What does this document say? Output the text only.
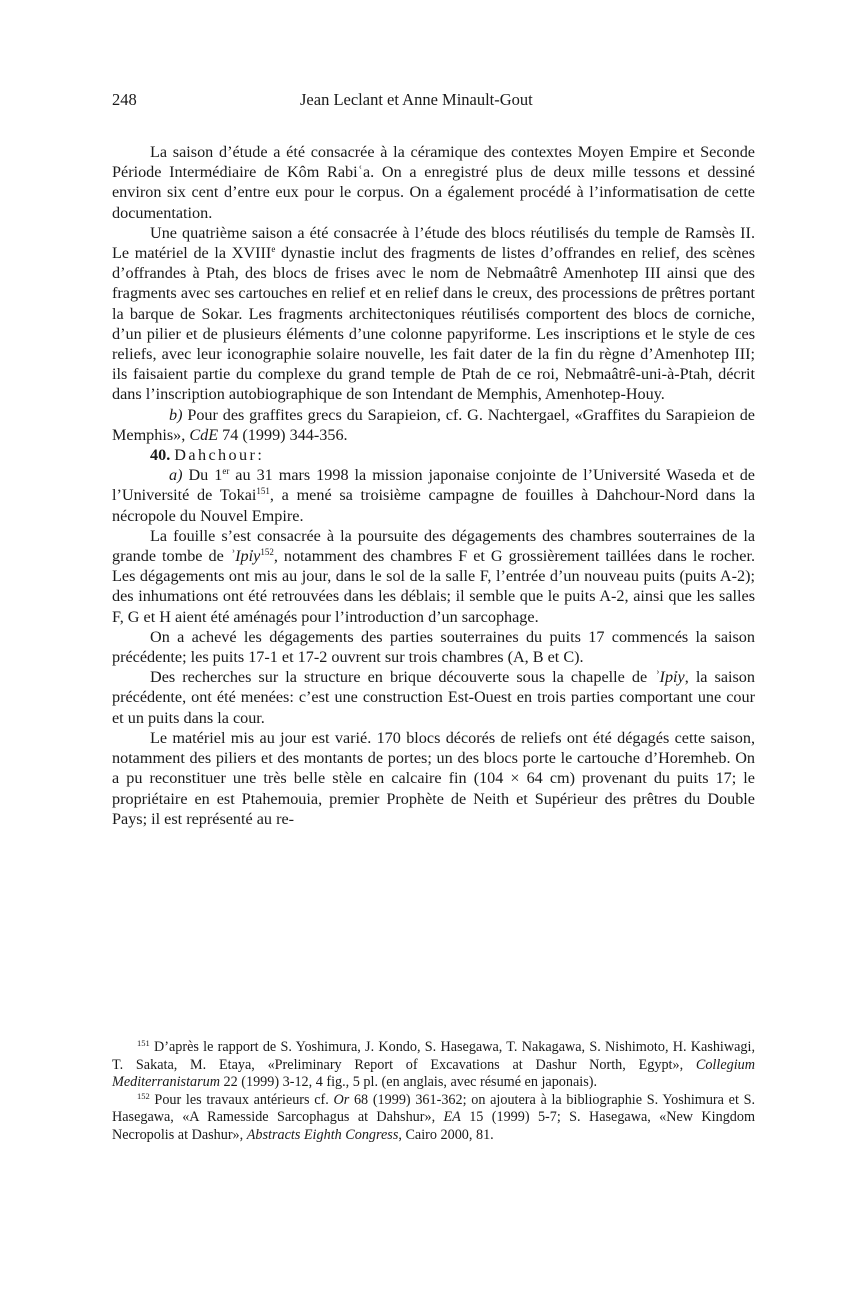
248	Jean Leclant et Anne Minault-Gout

La saison d’étude a été consacrée à la céramique des contextes Moyen Empire et Seconde Période Intermédiaire de Kôm Rabiʿa. On a enregistré plus de deux mille tessons et dessiné environ six cent d’entre eux pour le corpus. On a également procédé à l’informatisation de cette documentation.

Une quatrième saison a été consacrée à l’étude des blocs réutilisés du temple de Ramsès II. Le matériel de la XVIIIe dynastie inclut des fragments de listes d’offrandes en relief, des scènes d’offrandes à Ptah, des blocs de frises avec le nom de Nebmaâtrê Amenhotep III ainsi que des fragments avec ses cartouches en relief et en relief dans le creux, des processions de prêtres portant la barque de Sokar. Les fragments architectoniques réutilisés comportent des blocs de corniche, d’un pilier et de plusieurs éléments d’une colonne papyriforme. Les inscriptions et le style de ces reliefs, avec leur iconographie solaire nouvelle, les fait dater de la fin du règne d’Amenhotep III; ils faisaient partie du complexe du grand temple de Ptah de ce roi, Nebmaâtrê-uni-à-Ptah, décrit dans l’inscription autobiographique de son Intendant de Memphis, Amenhotep-Houy.

b) Pour des graffites grecs du Sarapieion, cf. G. Nachtergael, «Graffites du Sarapieion de Memphis», CdE 74 (1999) 344-356.

40. Dahchour:

a) Du 1er au 31 mars 1998 la mission japonaise conjointe de l’Université Waseda et de l’Université de Tokai$^{151}$, a mené sa troisième campagne de fouilles à Dahchour-Nord dans la nécropole du Nouvel Empire.

La fouille s’est consacrée à la poursuite des dégagements des chambres souterraines de la grande tombe de ʾIpỉy$^{152}$, notamment des chambres F et G grossièrement taillées dans le rocher. Les dégagements ont mis au jour, dans le sol de la salle F, l’entrée d’un nouveau puits (puits A-2); des inhumations ont été retrouvées dans les déblais; il semble que le puits A-2, ainsi que les salles F, G et H aient été aménagés pour l’introduction d’un sarcophage.

On a achevé les dégagements des parties souterraines du puits 17 commencés la saison précédente; les puits 17-1 et 17-2 ouvrent sur trois chambres (A, B et C).

Des recherches sur la structure en brique découverte sous la chapelle de ʾIpỉy, la saison précédente, ont été menées: c’est une construction Est-Ouest en trois parties comportant une cour et un puits dans la cour.

Le matériel mis au jour est varié. 170 blocs décorés de reliefs ont été dégagés cette saison, notamment des piliers et des montants de portes; un des blocs porte le cartouche d’Horemheb. On a pu reconstituer une très belle stèle en calcaire fin (104 × 64 cm) provenant du puits 17; le propriétaire en est Ptahemouia, premier Prophète de Neith et Supérieur des prêtres du Double Pays; il est représenté au re-

$^{151}$ D’après le rapport de S. Yoshimura, J. Kondo, S. Hasegawa, T. Nakagawa, S. Nishimoto, H. Kashiwagi, T. Sakata, M. Etaya, «Preliminary Report of Excavations at Dashur North, Egypt», Collegium Mediterranistarum 22 (1999) 3-12, 4 fig., 5 pl. (en anglais, avec résumé en japonais).

$^{152}$ Pour les travaux antérieurs cf. Or 68 (1999) 361-362; on ajoutera à la bibliographie S. Yoshimura et S. Hasegawa, «A Ramesside Sarcophagus at Dahshur», EA 15 (1999) 5-7; S. Hasegawa, «New Kingdom Necropolis at Dashur», Abstracts Eighth Congress, Cairo 2000, 81.
